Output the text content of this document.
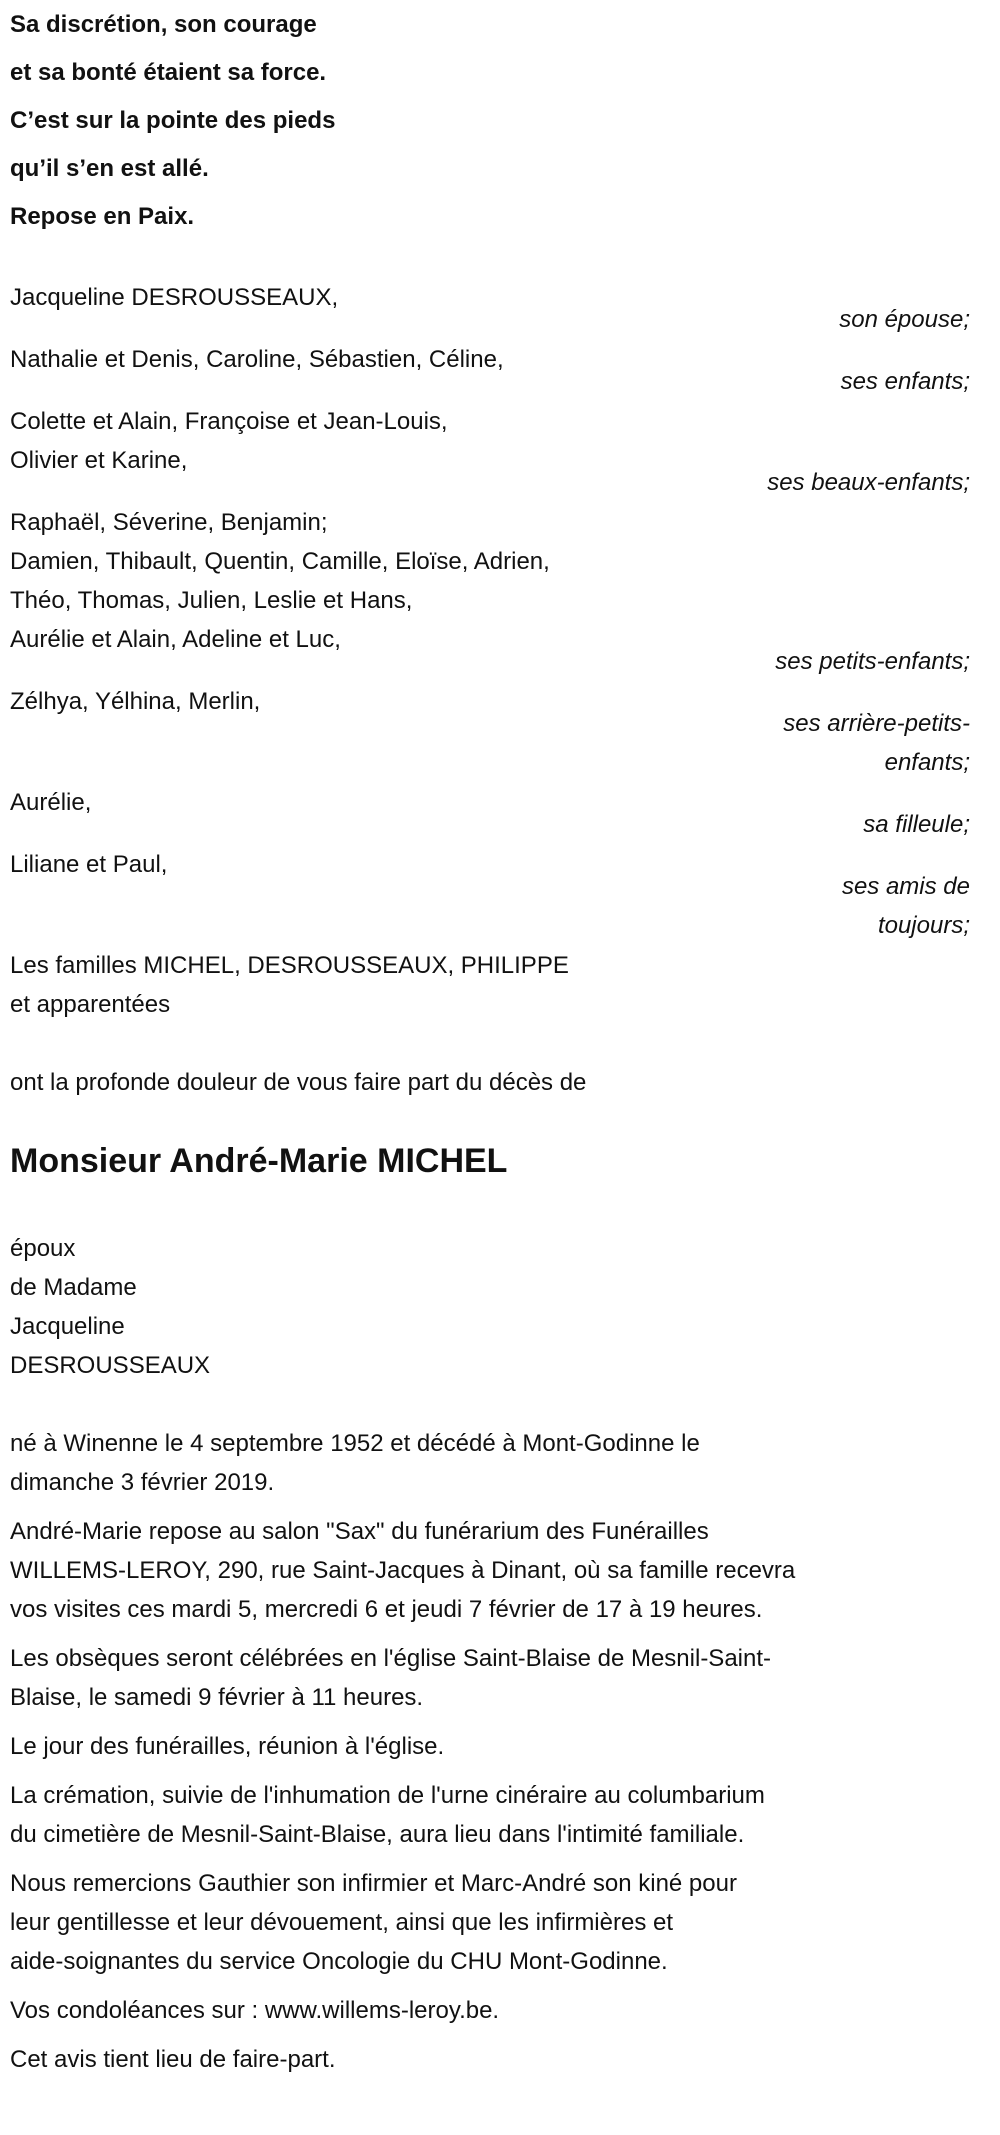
Sa discrétion, son courage
et sa bonté étaient sa force.
C’est sur la pointe des pieds
qu’il s’en est allé.
Repose en Paix.
Jacqueline DESROUSSEAUX,
son épouse;
Nathalie et Denis, Caroline, Sébastien, Céline,
ses enfants;
Colette et Alain, Françoise et Jean-Louis,
Olivier et Karine,
ses beaux-enfants;
Raphaël, Séverine, Benjamin;
Damien, Thibault, Quentin, Camille, Eloïse, Adrien,
Théo, Thomas, Julien, Leslie et Hans,
Aurélie et Alain, Adeline et Luc,
ses petits-enfants;
Zélhya, Yélhina, Merlin,
ses arrière-petits-
enfants;
Aurélie,
sa filleule;
Liliane et Paul,
ses amis de
toujours;
Les familles MICHEL, DESROUSSEAUX, PHILIPPE
et apparentées
ont la profonde douleur de vous faire part du décès de
Monsieur André-Marie MICHEL
époux
de Madame
Jacqueline
DESROUSSEAUX
né à Winenne le 4 septembre 1952 et décédé à Mont-Godinne le
dimanche 3 février 2019.
André-Marie repose au salon "Sax" du funérarium des Funérailles
WILLEMS-LEROY, 290, rue Saint-Jacques à Dinant, où sa famille recevra
vos visites ces mardi 5, mercredi 6 et jeudi 7 février de 17 à 19 heures.
Les obsèques seront célébrées en l'église Saint-Blaise de Mesnil-Saint-
Blaise, le samedi 9 février à 11 heures.
Le jour des funérailles, réunion à l'église.
La crémation, suivie de l'inhumation de l'urne cinéraire au columbarium
du cimetière de Mesnil-Saint-Blaise, aura lieu dans l'intimité familiale.
Nous remercions Gauthier son infirmier et Marc-André son kiné pour
leur gentillesse et leur dévouement, ainsi que les infirmières et
aide-soignantes du service Oncologie du CHU Mont-Godinne.
Vos condoléances sur : www.willems-leroy.be.
Cet avis tient lieu de faire-part.
